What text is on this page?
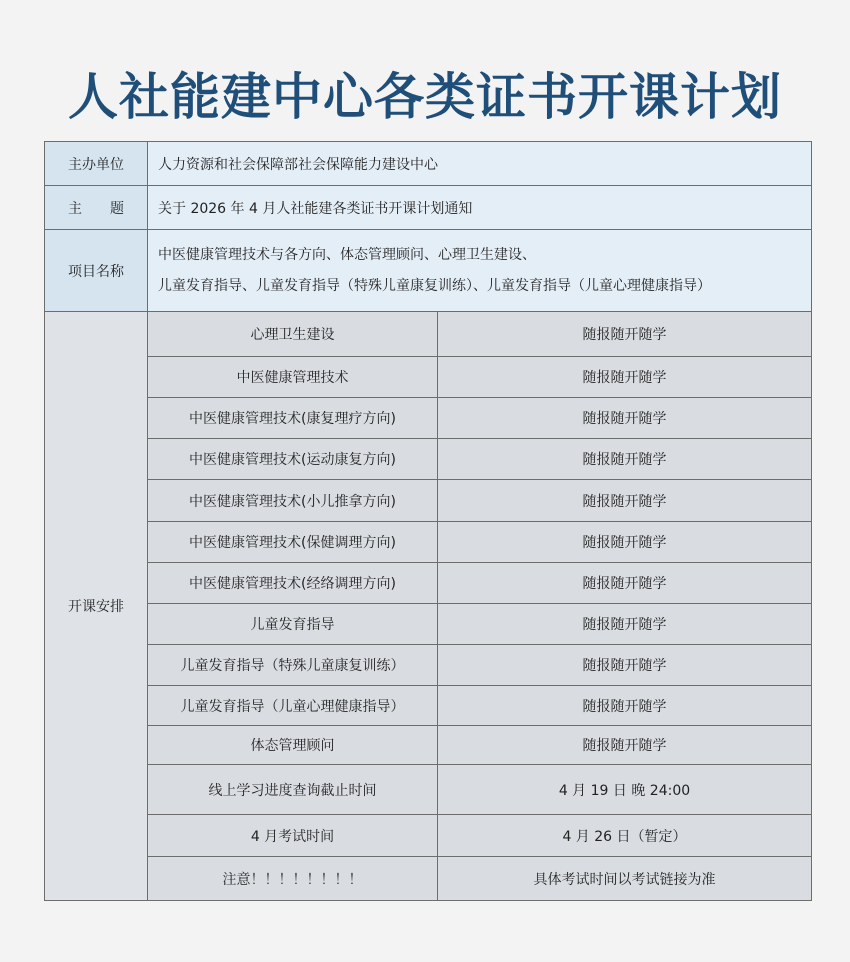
人社能建中心各类证书开课计划
主办单位	人力资源和社会保障部社会保障能力建设中心	
主　　题	关于 2026 年 4 月人社能建各类证书开课计划通知	
项目名称	中医健康管理技术与各方向、体态管理顾问、心理卫生建设、
儿童发育指导、儿童发育指导（特殊儿童康复训练）、儿童发育指导（儿童心理健康指导）	

开课安排	心理卫生建设	随报随开随学
	中医健康管理技术	随报随开随学
	中医健康管理技术(康复理疗方向)	随报随开随学
	中医健康管理技术(运动康复方向)	随报随开随学
	中医健康管理技术(小儿推拿方向)	随报随开随学
	中医健康管理技术(保健调理方向)	随报随开随学
	中医健康管理技术(经络调理方向)	随报随开随学
	儿童发育指导	随报随开随学
	儿童发育指导（特殊儿童康复训练）	随报随开随学
	儿童发育指导（儿童心理健康指导）	随报随开随学
	体态管理顾问	随报随开随学
	线上学习进度查询截止时间	4 月 19 日 晚 24:00
	4 月考试时间	4 月 26 日（暂定）
	注意！！！！！！！！	具体考试时间以考试链接为准
